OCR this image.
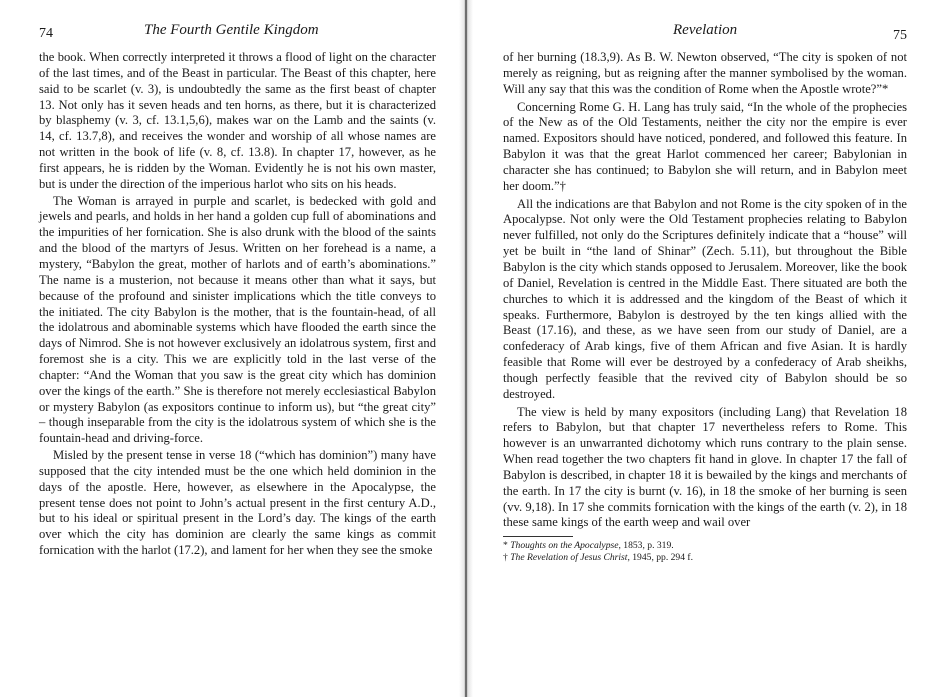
74	The Fourth Gentile Kingdom

the book. When correctly interpreted it throws a flood of light on the character of the last times, and of the Beast in particular. The Beast of this chapter, here said to be scarlet (v. 3), is undoubtedly the same as the first beast of chapter 13. Not only has it seven heads and ten horns, as there, but it is characterized by blasphemy (v. 3, cf. 13.1,5,6), makes war on the Lamb and the saints (v. 14, cf. 13.7,8), and receives the wonder and worship of all whose names are not written in the book of life (v. 8, cf. 13.8). In chapter 17, however, as he first appears, he is ridden by the Woman. Evidently he is not his own master, but is under the direction of the imperious harlot who sits on his heads.

The Woman is arrayed in purple and scarlet, is bedecked with gold and jewels and pearls, and holds in her hand a golden cup full of abominations and the impurities of her fornication. She is also drunk with the blood of the saints and the blood of the martyrs of Jesus. Written on her forehead is a name, a mystery, “Babylon the great, mother of harlots and of earth’s abominations.” The name is a musterion, not because it means other than what it says, but because of the profound and sinister implications which the title conveys to the initiated. The city Babylon is the mother, that is the fountain-head, of all the idolatrous and abominable systems which have flooded the earth since the days of Nimrod. She is not however exclusively an idolatrous system, first and foremost she is a city. This we are explicitly told in the last verse of the chapter: “And the Woman that you saw is the great city which has dominion over the kings of the earth.” She is therefore not merely ecclesiastical Babylon or mystery Babylon (as expositors continue to inform us), but “the great city” – though inseparable from the city is the idolatrous system of which she is the fountain-head and driving-force.

Misled by the present tense in verse 18 (“which has dominion”) many have supposed that the city intended must be the one which held dominion in the days of the apostle. Here, however, as elsewhere in the Apocalypse, the present tense does not point to John’s actual present in the first century A.D., but to his ideal or spiritual present in the Lord’s day. The kings of the earth over which the city has dominion are clearly the same kings as commit fornication with the harlot (17.2), and lament for her when they see the smoke

Revelation	75

of her burning (18.3,9). As B. W. Newton observed, “The city is spoken of not merely as reigning, but as reigning after the manner symbolised by the woman. Will any say that this was the condition of Rome when the Apostle wrote?”*

Concerning Rome G. H. Lang has truly said, “In the whole of the prophecies of the New as of the Old Testaments, neither the city nor the empire is ever named. Expositors should have noticed, pondered, and followed this feature. In Babylon it was that the great Harlot commenced her career; Babylonian in character she has continued; to Babylon she will return, and in Babylon meet her doom.”†

All the indications are that Babylon and not Rome is the city spoken of in the Apocalypse. Not only were the Old Testament prophecies relating to Babylon never fulfilled, not only do the Scriptures definitely indicate that a “house” will yet be built in “the land of Shinar” (Zech. 5.11), but throughout the Bible Babylon is the city which stands opposed to Jerusalem. Moreover, like the book of Daniel, Revelation is centred in the Middle East. There situated are both the churches to which it is addressed and the kingdom of the Beast of which it speaks. Furthermore, Babylon is destroyed by the ten kings allied with the Beast (17.16), and these, as we have seen from our study of Daniel, are a confederacy of Arab kings, five of them African and five Asian. It is hardly feasible that Rome will ever be destroyed by a confederacy of Arab sheikhs, though perfectly feasible that the revived city of Babylon should be so destroyed.

The view is held by many expositors (including Lang) that Revelation 18 refers to Babylon, but that chapter 17 nevertheless refers to Rome. This however is an unwarranted dichotomy which runs contrary to the plain sense. When read together the two chapters fit hand in glove. In chapter 17 the fall of Babylon is described, in chapter 18 it is bewailed by the kings and merchants of the earth. In 17 the city is burnt (v. 16), in 18 the smoke of her burning is seen (vv. 9,18). In 17 she commits fornication with the kings of the earth (v. 2), in 18 these same kings of the earth weep and wail over

* Thoughts on the Apocalypse, 1853, p. 319.
† The Revelation of Jesus Christ, 1945, pp. 294 f.
